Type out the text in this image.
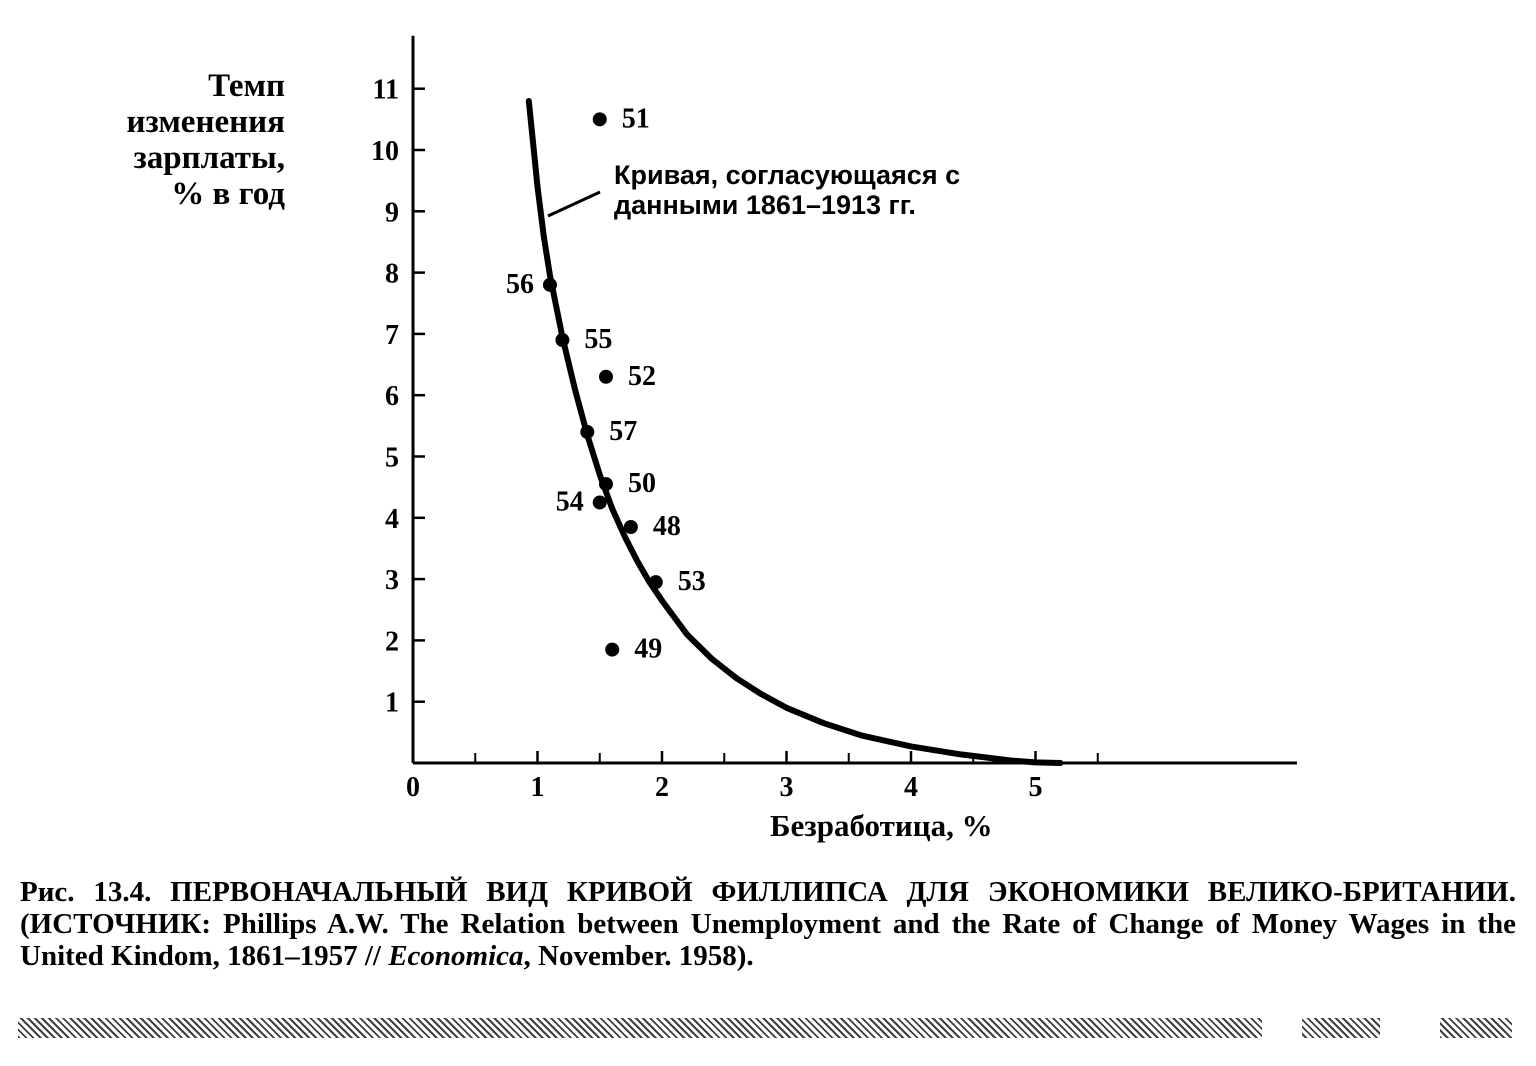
1
2
3
4
5
6
7
8
9
10
11
0	1	2	3	4	5
51
56
55
52
57
50
54
48
53
49
Темп
изменения
зарплаты,
% в год
Безработица, %
Кривая, согласующаяся с
данными 1861–1913 гг.
Рис. 13.4. ПЕРВОНАЧАЛЬНЫЙ ВИД КРИВОЙ ФИЛЛИПСА ДЛЯ ЭКОНОМИКИ ВЕЛИКО-БРИТАНИИ. (ИСТОЧНИК: Phillips A.W. The Relation between Unemployment and the Rate of Change of Money Wages in the United Kindom, 1861–1957 // Economica, November. 1958).
